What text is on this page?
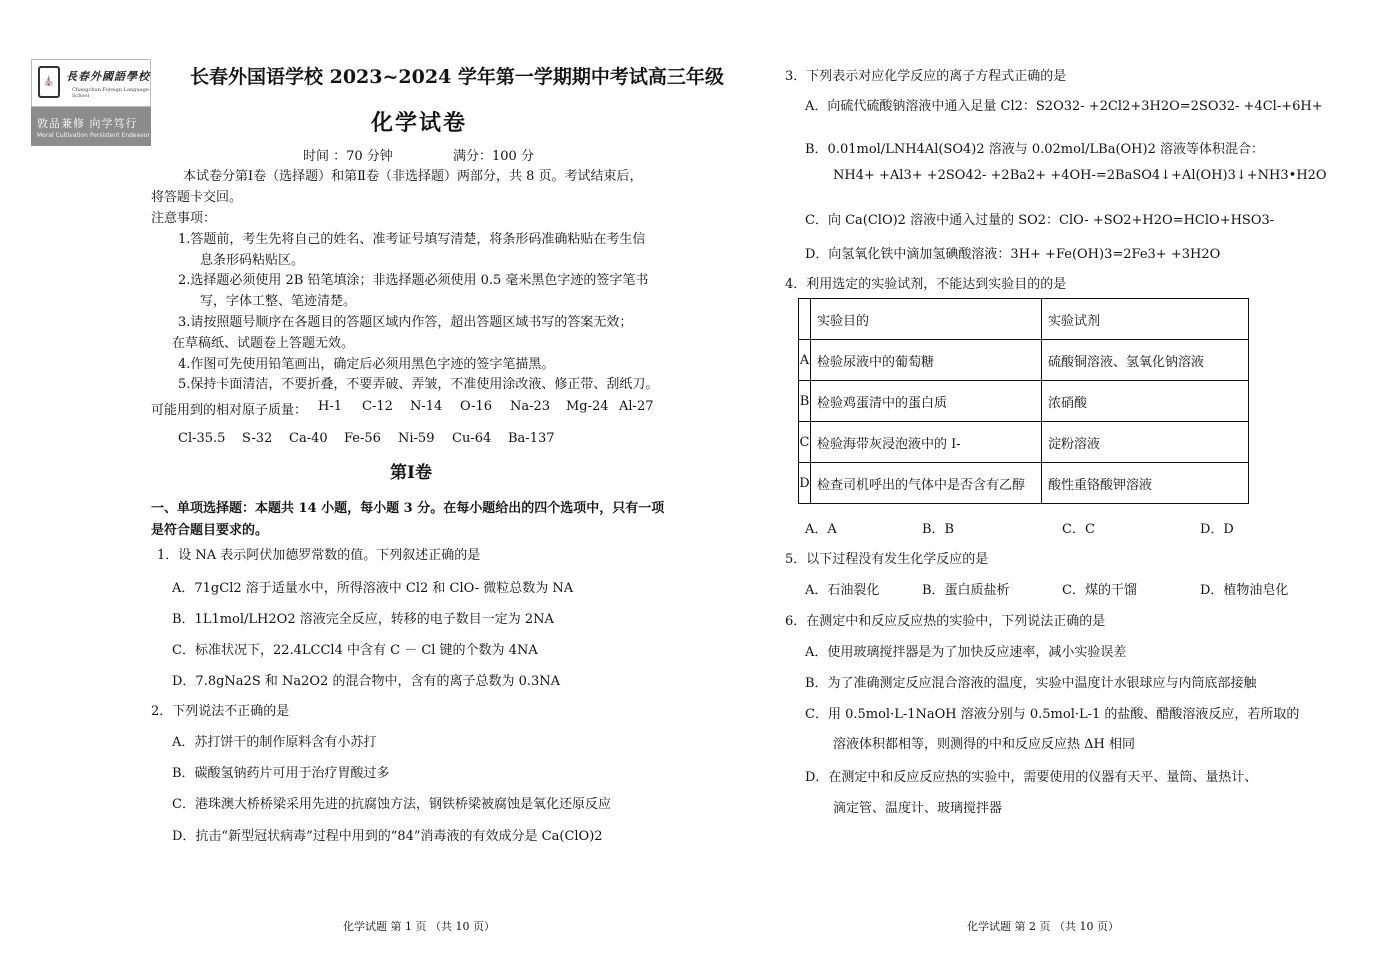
⛪	長春外國語學校
Changchun Foreign Language School
敦品兼修 向学笃行
Moral Cultivation Persistent Endeavor
长春外国语学校 2023~2024 学年第一学期期中考试高三年级
化学试卷
时间 ：70 分钟	满分：100 分
本试卷分第Ⅰ卷（选择题）和第Ⅱ卷（非选择题）两部分，共 8 页。考试结束后，
将答题卡交回。
注意事项：
1.答题前，考生先将自己的姓名、准考证号填写清楚，将条形码准确粘贴在考生信
息条形码粘贴区。
2.选择题必须使用 2B 铅笔填涂；非选择题必须使用 0.5 毫米黑色字迹的签字笔书
写，字体工整、笔迹清楚。
3.请按照题号顺序在各题目的答题区域内作答，超出答题区域书写的答案无效；
在草稿纸、试题卷上答题无效。
4.作图可先使用铅笔画出，确定后必须用黑色字迹的签字笔描黑。
5.保持卡面清洁，不要折叠，不要弄破、弄皱，不准使用涂改液、修正带、刮纸刀。
可能用到的相对原子质量： H-1 C-12 N-14 O-16 Na-23 Mg-24 Al-27
Cl-35.5 S-32 Ca-40 Fe-56 Ni-59 Cu-64 Ba-137
第Ⅰ卷
一、单项选择题：本题共 14 小题，每小题 3 分。在每小题给出的四个选项中，只有一项
是符合题目要求的。
1．设 NA 表示阿伏加德罗常数的值。下列叙述正确的是
A．71gCl2 溶于适量水中，所得溶液中 Cl2 和 ClO- 微粒总数为 NA
B．1L1mol/LH2O2 溶液完全反应，转移的电子数目一定为 2NA
C．标准状况下，22.4LCCl4 中含有 C － Cl 键的个数为 4NA
D．7.8gNa2S 和 Na2O2 的混合物中，含有的离子总数为 0.3NA
2．下列说法不正确的是
A．苏打饼干的制作原料含有小苏打
B．碳酸氢钠药片可用于治疗胃酸过多
C．港珠澳大桥桥梁采用先进的抗腐蚀方法，钢铁桥梁被腐蚀是氧化还原反应
D．抗击“新型冠状病毒”过程中用到的“84”消毒液的有效成分是 Ca(ClO)2
化学试题 第 1 页 （共 10 页）
3．下列表示对应化学反应的离子方程式正确的是
A．向硫代硫酸钠溶液中通入足量 Cl2：S2O32- +2Cl2+3H2O=2SO32- +4Cl-+6H+
B．0.01mol/LNH4Al(SO4)2 溶液与 0.02mol/LBa(OH)2 溶液等体积混合：
NH4+ +Al3+ +2SO42- +2Ba2+ +4OH-=2BaSO4↓+Al(OH)3↓+NH3•H2O
C．向 Ca(ClO)2 溶液中通入过量的 SO2：ClO- +SO2+H2O=HClO+HSO3-
D．向氢氧化铁中滴加氢碘酸溶液：3H+ +Fe(OH)3=2Fe3+ +3H2O
4．利用选定的实验试剂，不能达到实验目的的是
	实验目的	实验试剂
A	检验尿液中的葡萄糖	硫酸铜溶液、氢氧化钠溶液
B	检验鸡蛋清中的蛋白质	浓硝酸
C	检验海带灰浸泡液中的 I-	淀粉溶液
D	检查司机呼出的气体中是否含有乙醇	酸性重铬酸钾溶液
A．A	B．B	C．C	D．D
5．以下过程没有发生化学反应的是
A．石油裂化	B．蛋白质盐析	C．煤的干馏	D．植物油皂化
6．在测定中和反应反应热的实验中，下列说法正确的是
A．使用玻璃搅拌器是为了加快反应速率，减小实验误差
B．为了准确测定反应混合溶液的温度，实验中温度计水银球应与内筒底部接触
C．用 0.5mol·L-1NaOH 溶液分别与 0.5mol·L-1 的盐酸、醋酸溶液反应，若所取的
溶液体积都相等，则测得的中和反应反应热 ΔH 相同
D．在测定中和反应反应热的实验中，需要使用的仪器有天平、量筒、量热计、
滴定管、温度计、玻璃搅拌器
化学试题 第 2 页 （共 10 页）
